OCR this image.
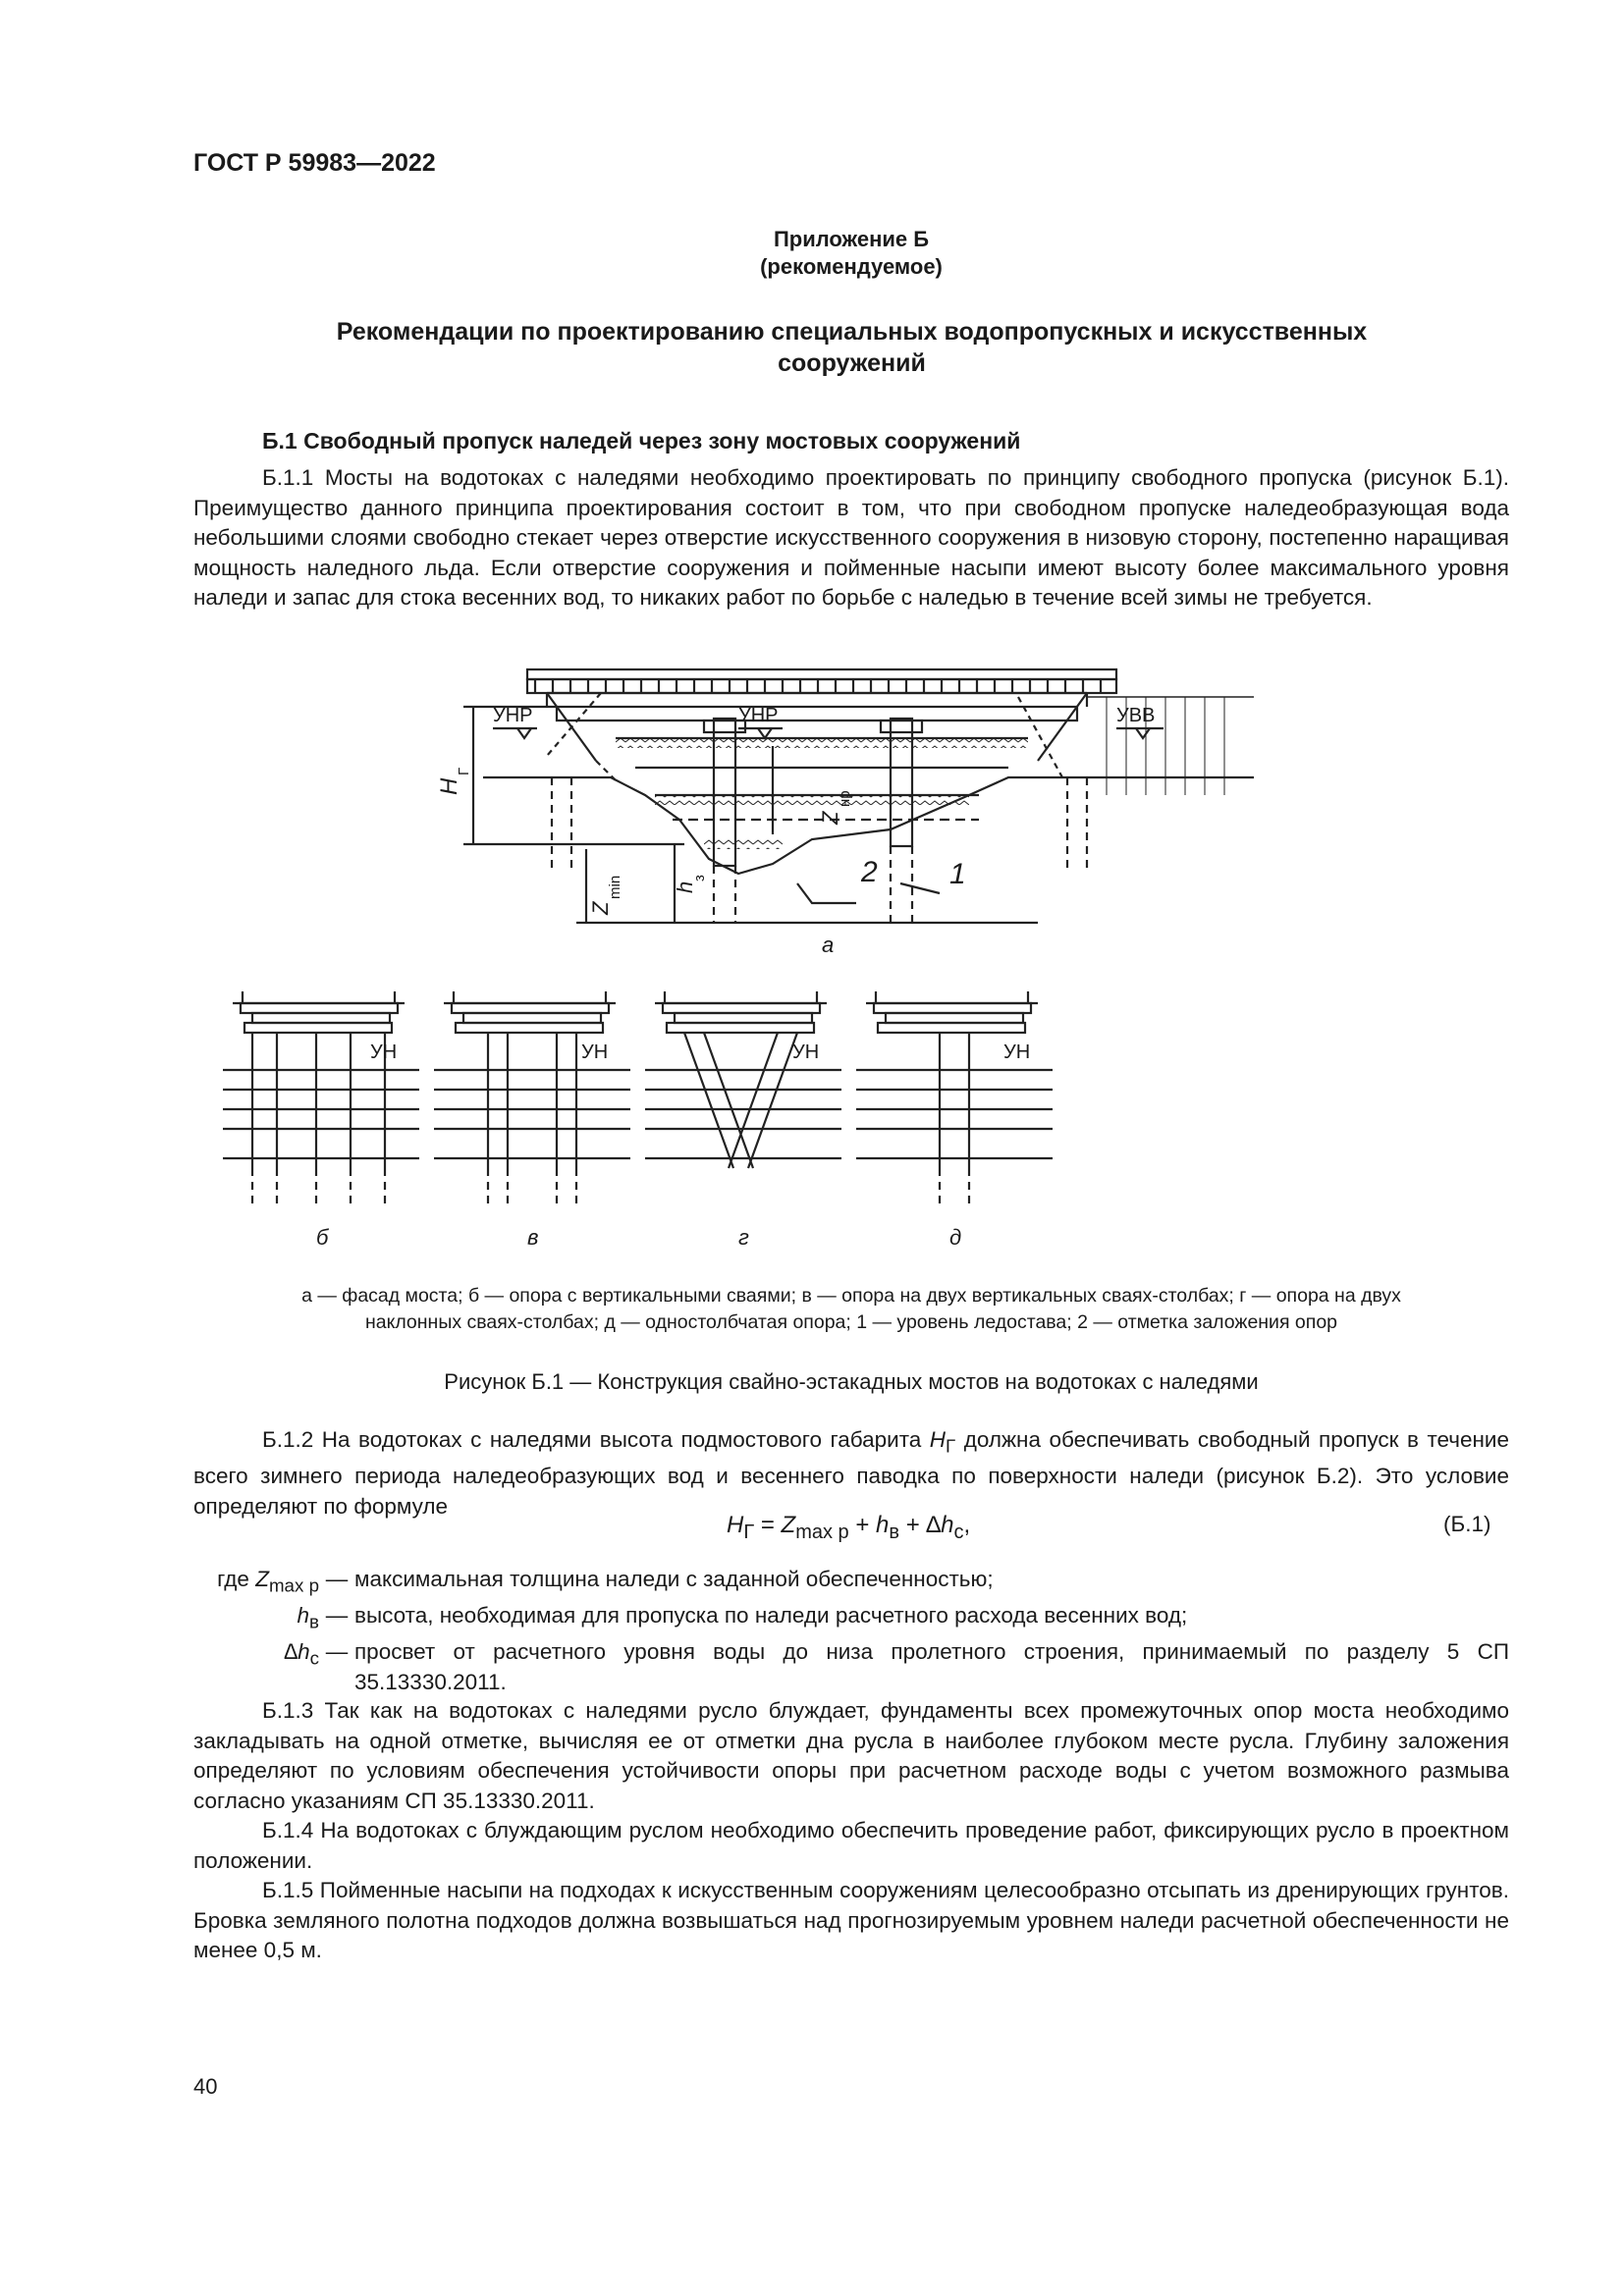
ГОСТ Р 59983—2022
Приложение Б
(рекомендуемое)
Рекомендации по проектированию специальных водопропускных и искусственных сооружений
Б.1 Свободный пропуск наледей через зону мостовых сооружений

Б.1.1 Мосты на водотоках с наледями необходимо проектировать по принципу свободного пропуска (рисунок Б.1). Преимущество данного принципа проектирования состоит в том, что при свободном пропуске наледеобразующая вода небольшими слоями свободно стекает через отверстие искусственного сооружения в низовую сторону, постепенно наращивая мощность наледного льда. Если отверстие сооружения и пойменные насыпи имеют высоту более максимального уровня наледи и запас для стока весенних вод, то никаких работ по борьбе с наледью в течение всей зимы не требуется.

УНР	УНР	УВВ
H
Г
Z
нр
Z
min h
з	1
2
а
УН	УН	УН	УН
б	в	г	д
а — фасад моста; б — опора с вертикальными сваями; в — опора на двух вертикальных сваях-столбах; г — опора на двух
наклонных сваях-столбах; д — одностолбчатая опора; 1 — уровень ледостава; 2 — отметка заложения опор
Рисунок Б.1 — Конструкция свайно-эстакадных мостов на водотоках с наледями

Б.1.2 На водотоках с наледями высота подмостового габарита $H_Г$ должна обеспечивать свободный пропуск в течение всего зимнего периода наледеобразующих вод и весеннего паводка по поверхности наледи (рисунок Б.2). Это условие определяют по формуле

$H_Г = Z_{max p} + h_в + \Delta h_с$,	(Б.1)
где $Z_{max p}$	—	максимальная толщина наледи с заданной обеспеченностью;
$h_в$	—	высота, необходимая для пропуска по наледи расчетного расхода весенних вод;
$\Delta h_с$	—	просвет от расчетного уровня воды до низа пролетного строения, принимаемый по разделу 5 СП 35.13330.2011.

Б.1.3 Так как на водотоках с наледями русло блуждает, фундаменты всех промежуточных опор моста необходимо закладывать на одной отметке, вычисляя ее от отметки дна русла в наиболее глубоком месте русла. Глубину заложения определяют по условиям обеспечения устойчивости опоры при расчетном расходе воды с учетом возможного размыва согласно указаниям СП 35.13330.2011.

Б.1.4 На водотоках с блуждающим руслом необходимо обеспечить проведение работ, фиксирующих русло в проектном положении.

Б.1.5 Пойменные насыпи на подходах к искусственным сооружениям целесообразно отсыпать из дренирующих грунтов. Бровка земляного полотна подходов должна возвышаться над прогнозируемым уровнем наледи расчетной обеспеченности не менее 0,5 м.

40
